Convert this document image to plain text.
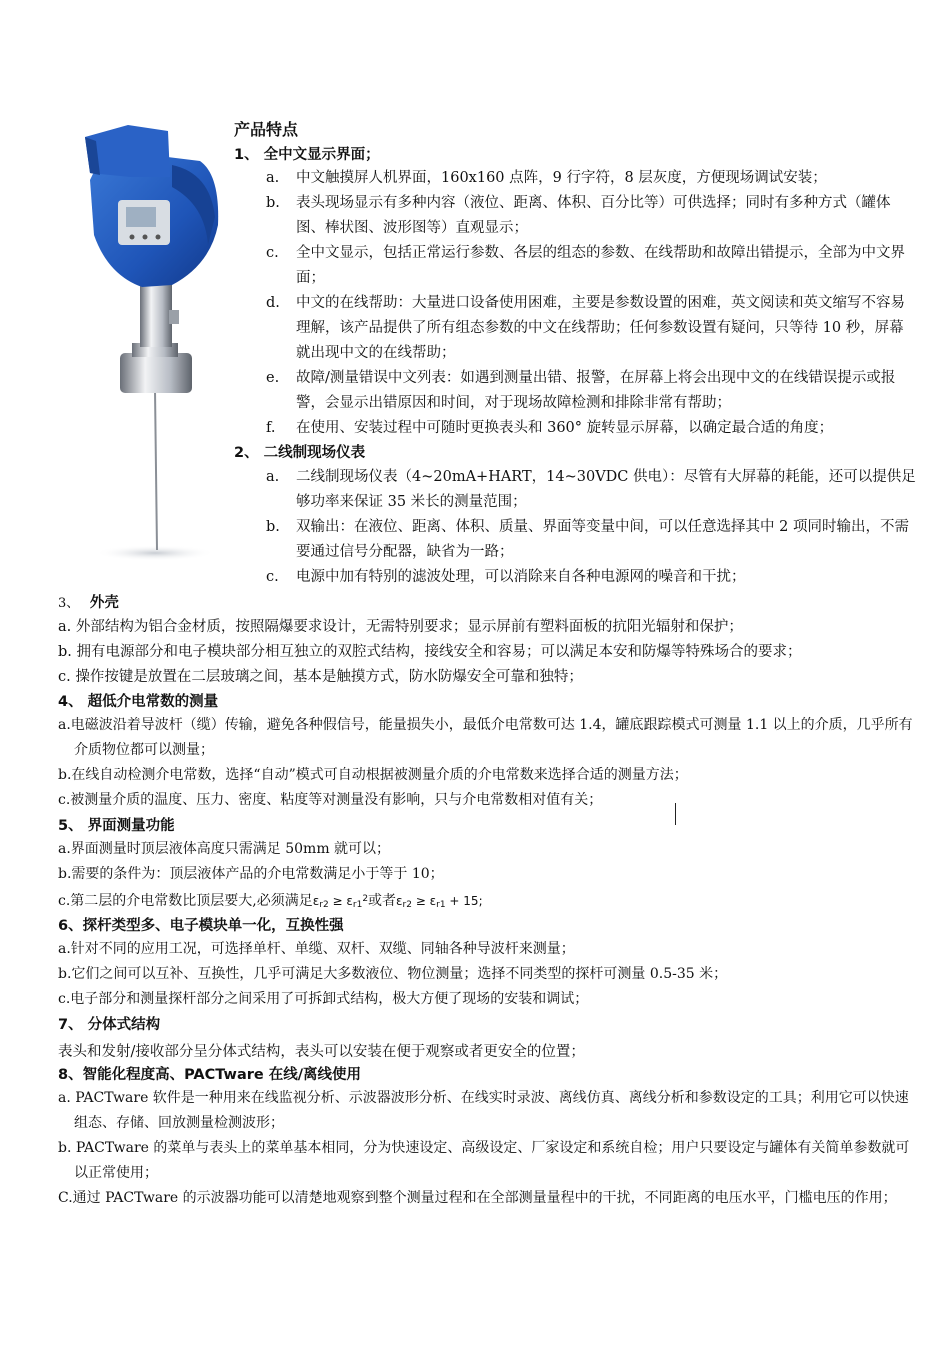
产品特点
1、 全中文显示界面；
a.	中文触摸屏人机界面，160x160 点阵，9 行字符，8 层灰度，方便现场调试安装；
b.	表头现场显示有多种内容（液位、距离、体积、百分比等）可供选择；同时有多种方式（罐体图、棒状图、波形图等）直观显示；
c.	全中文显示，包括正常运行参数、各层的组态的参数、在线帮助和故障出错提示，全部为中文界面；
d.	中文的在线帮助：大量进口设备使用困难，主要是参数设置的困难，英文阅读和英文缩写不容易理解，该产品提供了所有组态参数的中文在线帮助；任何参数设置有疑问，只等待 10 秒，屏幕就出现中文的在线帮助；
e.	故障/测量错误中文列表：如遇到测量出错、报警，在屏幕上将会出现中文的在线错误提示或报警，会显示出错原因和时间，对于现场故障检测和排除非常有帮助；
f.	在使用、安装过程中可随时更换表头和 360° 旋转显示屏幕，以确定最合适的角度；
2、 二线制现场仪表
a.	二线制现场仪表（4~20mA+HART，14~30VDC 供电）：尽管有大屏幕的耗能，还可以提供足够功率来保证 35 米长的测量范围；
b.	双输出：在液位、距离、体积、质量、界面等变量中间，可以任意选择其中 2 项同时输出，不需要通过信号分配器，缺省为一路；
c.	电源中加有特别的滤波处理，可以消除来自各种电源网的噪音和干扰；
3、 外壳
a. 外部结构为铝合金材质，按照隔爆要求设计，无需特别要求；显示屏前有塑料面板的抗阳光辐射和保护；
b. 拥有电源部分和电子模块部分相互独立的双腔式结构，接线安全和容易；可以满足本安和防爆等特殊场合的要求；
c. 操作按键是放置在二层玻璃之间，基本是触摸方式，防水防爆安全可靠和独特；
4、 超低介电常数的测量
a.电磁波沿着导波杆（缆）传输，避免各种假信号，能量损失小，最低介电常数可达 1.4，罐底跟踪模式可测量 1.1 以上的介质，几乎所有介质物位都可以测量；
b.在线自动检测介电常数，选择“自动”模式可自动根据被测量介质的介电常数来选择合适的测量方法；
c.被测量介质的温度、压力、密度、粘度等对测量没有影响，只与介电常数相对值有关；
5、 界面测量功能
a.界面测量时顶层液体高度只需满足 50mm 就可以；
b.需要的条件为：顶层液体产品的介电常数满足小于等于 10；
c.第二层的介电常数比顶层要大,必须满足$\varepsilon_{r2} \ge \varepsilon_{r1}^2$或者$\varepsilon_{r2} \ge \varepsilon_{r1} + 15$;
6、探杆类型多、电子模块单一化，互换性强
a.针对不同的应用工况，可选择单杆、单缆、双杆、双缆、同轴各种导波杆来测量；
b.它们之间可以互补、互换性，几乎可满足大多数液位、物位测量；选择不同类型的探杆可测量 0.5-35 米；
c.电子部分和测量探杆部分之间采用了可拆卸式结构，极大方便了现场的安装和调试；
7、 分体式结构
表头和发射/接收部分呈分体式结构，表头可以安装在便于观察或者更安全的位置；
8、智能化程度高、PACTware 在线/离线使用
a. PACTware 软件是一种用来在线监视分析、示波器波形分析、在线实时录波、离线仿真、离线分析和参数设定的工具；利用它可以快速组态、存储、回放测量检测波形；
b. PACTware 的菜单与表头上的菜单基本相同，分为快速设定、高级设定、厂家设定和系统自检；用户只要设定与罐体有关简单参数就可以正常使用；
C.通过 PACTware 的示波器功能可以清楚地观察到整个测量过程和在全部测量量程中的干扰，不同距离的电压水平，门槛电压的作用；
